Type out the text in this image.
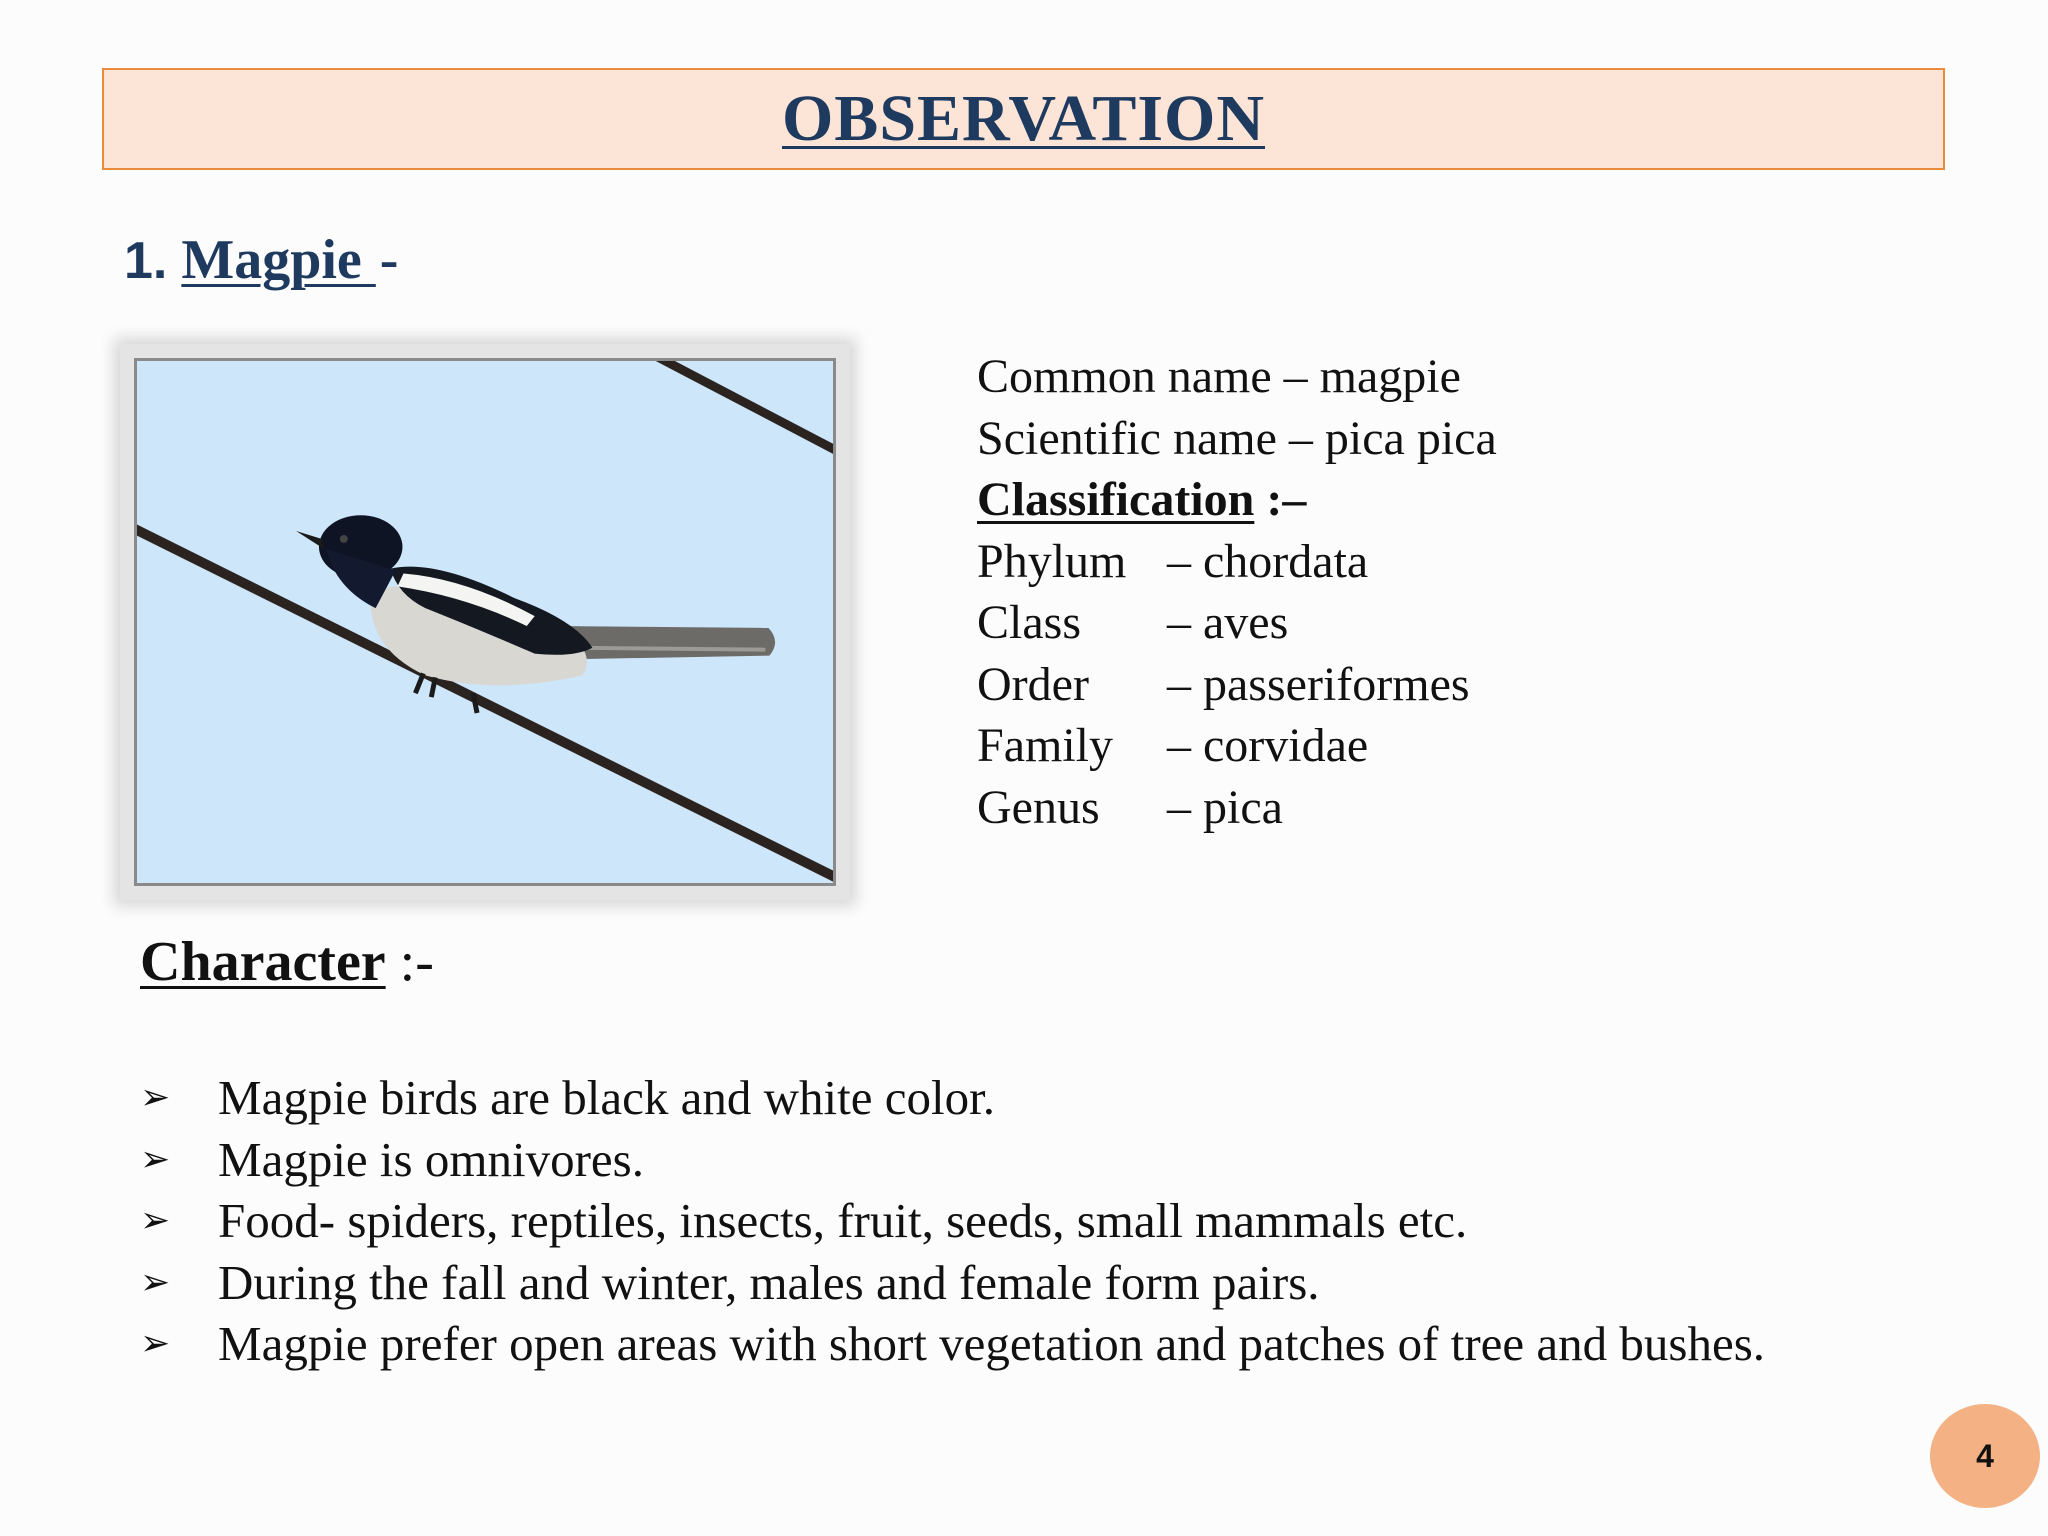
OBSERVATION
1. Magpie -
Common name – magpie
Scientific name – pica pica
Classification :–
Phylum – chordata
Class	– aves
Order	– passeriformes
Family	– corvidae
Genus	– pica
Character :-
➢ Magpie birds are black and white color.
➢ Magpie is omnivores.
➢ Food- spiders, reptiles, insects, fruit, seeds, small mammals etc.
➢ During the fall and winter, males and female form pairs.
➢ Magpie prefer open areas with short vegetation and patches of tree and bushes.
4
